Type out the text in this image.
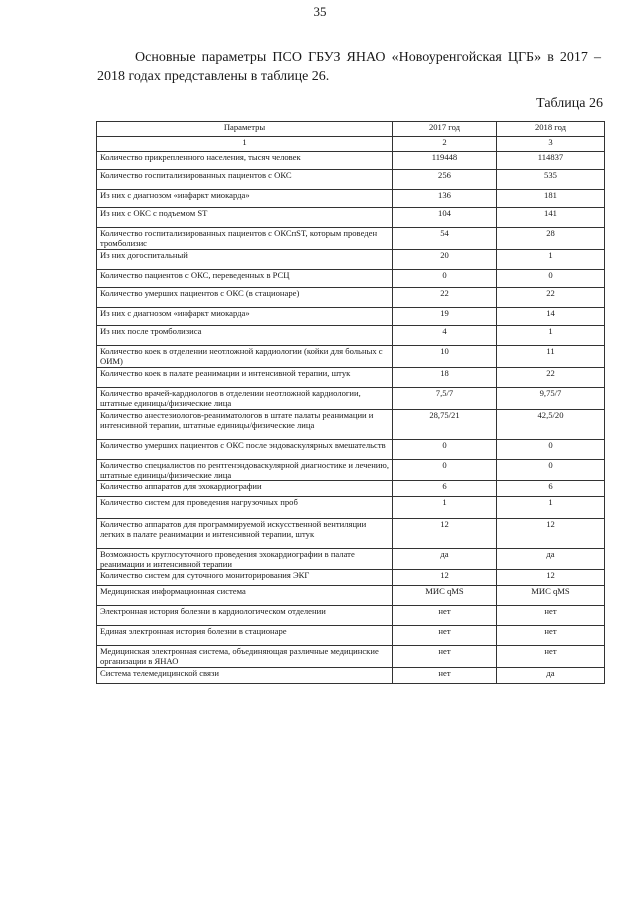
35

Основные параметры ПСО ГБУЗ ЯНАО «Новоуренгойская ЦГБ» в 2017 – 2018 годах представлены в таблице 26.

Таблица 26
Параметры	2017 год	2018 год
1	2	3
Количество прикрепленного населения, тысяч человек	119448	114837
Количество госпитализированных пациентов с ОКС	256	535
Из них с диагнозом «инфаркт миокарда»	136	181
Из них с ОКС с подъемом ST	104	141
Количество госпитализированных пациентов с ОКСпST, которым проведен тромболизис	54	28
Из них догоспитальный	20	1
Количество пациентов с ОКС, переведенных в РСЦ	0	0
Количество умерших пациентов с ОКС (в стационаре)	22	22
Из них с диагнозом «инфаркт миокарда»	19	14
Из них после тромболизиса	4	1
Количество коек в отделении неотложной кардиологии (койки для больных с ОИМ)	10	11
Количество коек в палате реанимации и интенсивной терапии, штук	18	22
Количество врачей-кардиологов в отделении неотложной кардиологии, штатные единицы/физические лица	7,5/7	9,75/7
Количество анестезиологов-реаниматологов в штате палаты реанимации и интенсивной терапии, штатные единицы/физические лица	28,75/21	42,5/20
Количество умерших пациентов с ОКС после эндоваскулярных вмешательств	0	0
Количество специалистов по рентгенэндоваскулярной диагностике и лечению, штатные единицы/физические лица	0	0
Количество аппаратов для эхокардиографии	6	6
Количество систем для проведения нагрузочных проб	1	1
Количество аппаратов для программируемой искусственной вентиляции легких в палате реанимации и интенсивной терапии, штук	12	12
Возможность круглосуточного проведения эхокардиографии в палате реанимации и интенсивной терапии	да	да
Количество систем для суточного мониторирования ЭКГ	12	12
Медицинская информационная система	МИС qMS	МИС qMS
Электронная история болезни в кардиологическом отделении	нет	нет
Единая электронная история болезни в стационаре	нет	нет
Медицинская электронная система, объединяющая различные медицинские организации в ЯНАО	нет	нет
Система телемедицинской связи	нет	да
